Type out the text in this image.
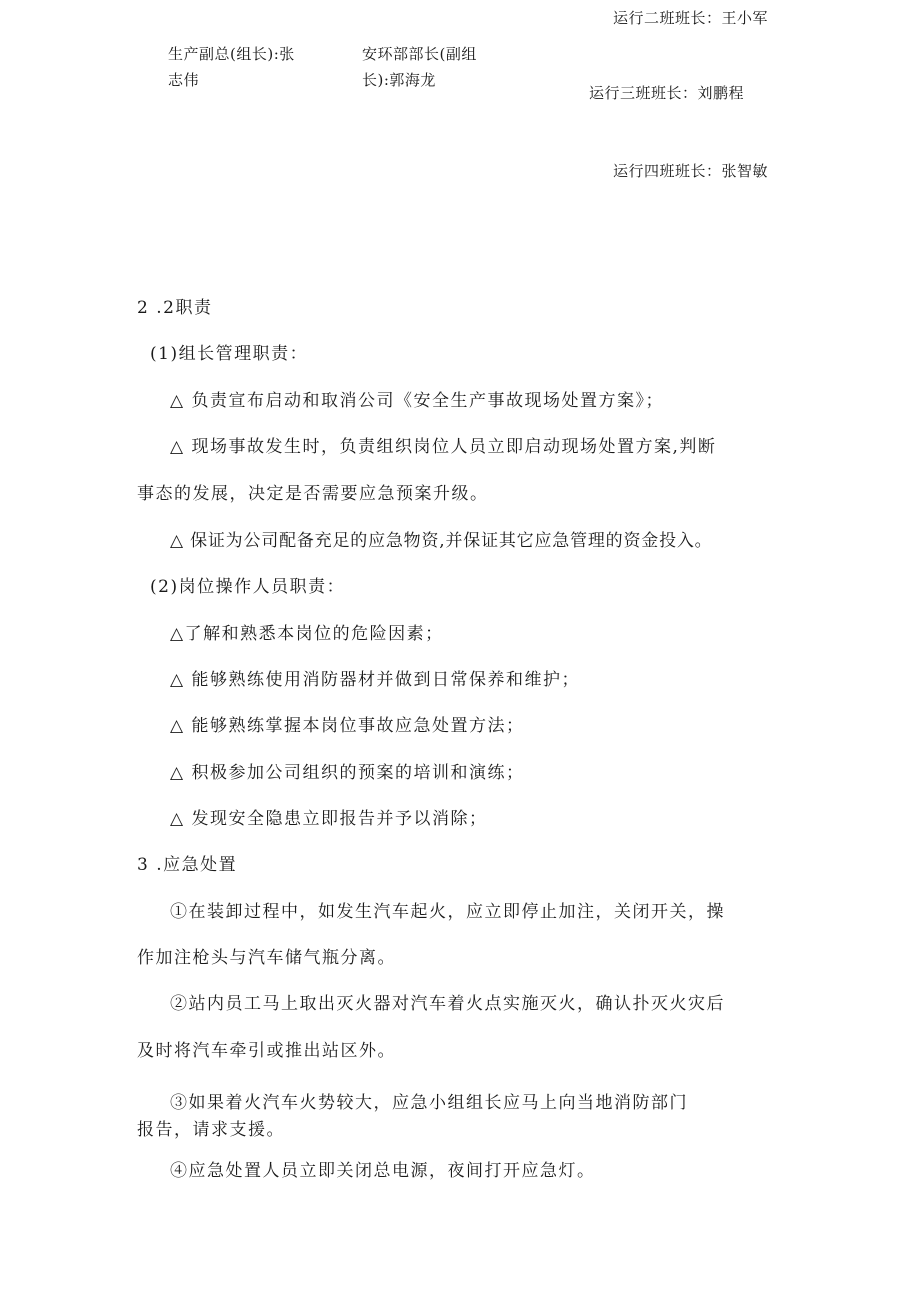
运行二班班长：王小军
生产副总(组长):张
志伟
安环部部长(副组
长):郭海龙
运行三班班长：刘鹏程
运行四班班长：张智敏
2 .2职责
(1)组长管理职责：
△ 负责宣布启动和取消公司《安全生产事故现场处置方案》；
△ 现场事故发生时，负责组织岗位人员立即启动现场处置方案,判断
事态的发展，决定是否需要应急预案升级。
△ 保证为公司配备充足的应急物资,并保证其它应急管理的资金投入。
(2)岗位操作人员职责：
△了解和熟悉本岗位的危险因素；
△ 能够熟练使用消防器材并做到日常保养和维护；
△ 能够熟练掌握本岗位事故应急处置方法；
△ 积极参加公司组织的预案的培训和演练；
△ 发现安全隐患立即报告并予以消除；
3 .应急处置
①在装卸过程中，如发生汽车起火，应立即停止加注，关闭开关，操
作加注枪头与汽车储气瓶分离。
②站内员工马上取出灭火器对汽车着火点实施灭火，确认扑灭火灾后
及时将汽车牵引或推出站区外。
③如果着火汽车火势较大，应急小组组长应马上向当地消防部门
报告，请求支援。
④应急处置人员立即关闭总电源，夜间打开应急灯。
